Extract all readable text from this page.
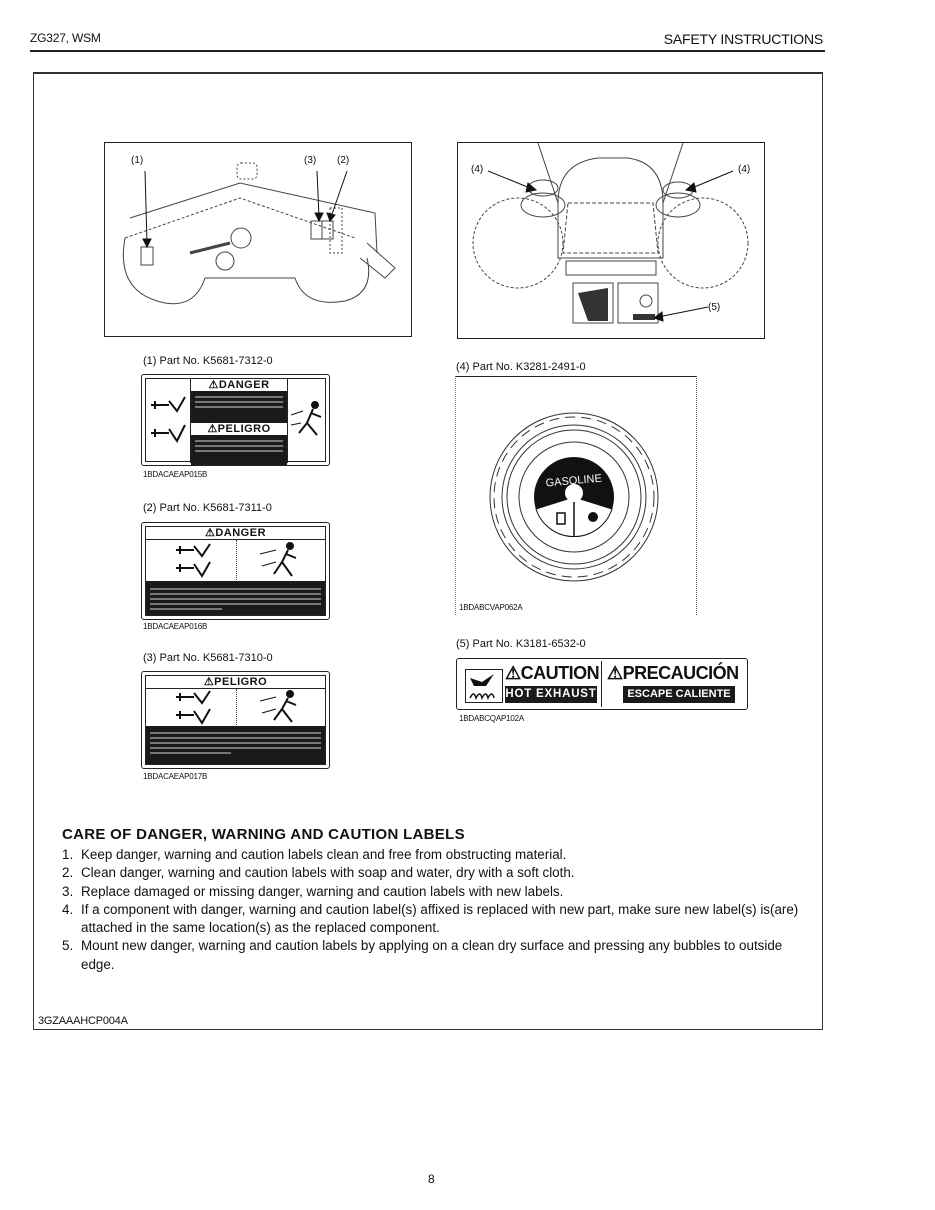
ZG327, WSM	SAFETY INSTRUCTIONS
(1)	(3) (2)
(4)	(4)
(5)
(1) Part No. K5681-7312-0
⚠DANGER
⚠PELIGRO
1BDACAEAP015B
(2) Part No. K5681-7311-0
⚠DANGER
1BDACAEAP016B
(3) Part No. K5681-7310-0
⚠PELIGRO
1BDACAEAP017B
(4) Part No. K3281-2491-0
GASOLINE
1BDABCVAP062A
(5) Part No. K3181-6532-0
⚠CAUTION
HOT EXHAUST
⚠PRECAUCIÓN
ESCAPE CALIENTE
1BDABCQAP102A
CARE OF DANGER, WARNING AND CAUTION LABELS
1. Keep danger, warning and caution labels clean and free from obstructing material.
2. Clean danger, warning and caution labels with soap and water, dry with a soft cloth.
3. Replace damaged or missing danger, warning and caution labels with new labels.
4. If a component with danger, warning and caution label(s) affixed is replaced with new part, make sure new label(s) is(are) attached in the same location(s) as the replaced component.
5. Mount new danger, warning and caution labels by applying on a clean dry surface and pressing any bubbles to outside edge.
3GZAAAHCP004A
8
